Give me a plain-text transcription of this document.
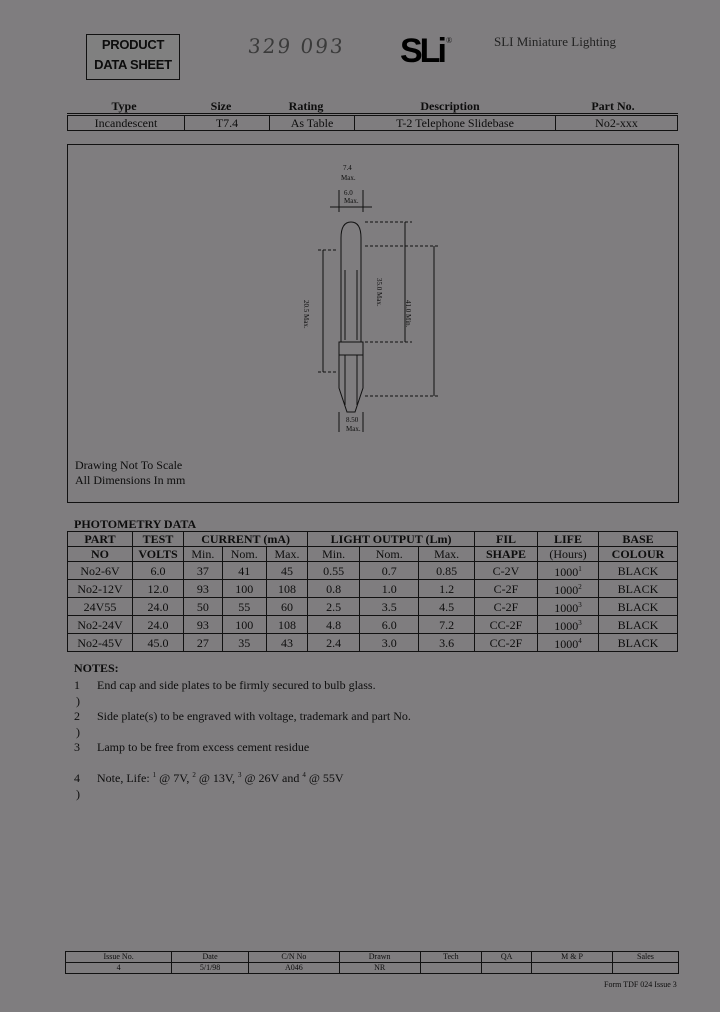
PRODUCT
DATA SHEET
329 093 SLi ®	SLI Miniature Lighting
Type	Size	Rating	Description	Part No.
Incandescent	T7.4	As Table	T-2 Telephone Slidebase	No2-xxx
7.4
Max.
6.0
Max.
35.0 Max.
41.0 Min.
20.5 Max.
8.50
Max.
Drawing Not To Scale
All Dimensions In mm
PHOTOMETRY DATA
PART	TEST	CURRENT (mA)			LIGHT OUTPUT (Lm)			FIL	LIFE	BASE
NO	VOLTS	Min.	Nom.	Max.	Min.	Nom.	Max.	SHAPE	(Hours)	COLOUR
No2-6V	6.0	37	41	45	0.55	0.7	0.85	C-2V	1000$^1$	BLACK
No2-12V	12.0	93	100	108	0.8	1.0	1.2	C-2F	1000$^2$	BLACK
24V55	24.0	50	55	60	2.5	3.5	4.5	C-2F	1000$^3$	BLACK
No2-24V	24.0	93	100	108	4.8	6.0	7.2	CC-2F	1000$^3$	BLACK
No2-45V	45.0	27	35	43	2.4	3.0	3.6	CC-2F	1000$^4$	BLACK
NOTES:
1 End cap and side plates to be firmly secured to bulb glass.
)
2 Side plate(s) to be engraved with voltage, trademark and part No.
)
3 Lamp to be free from excess cement residue
4 Note, Life: $^1$ @ 7V, $^2$ @ 13V, $^3$ @ 26V and $^4$ @ 55V
)
Issue No.	Date	C/N No	Drawn	Tech	QA	M & P	Sales
4	5/1/98	A046	NR				
Form TDF 024 Issue 3
